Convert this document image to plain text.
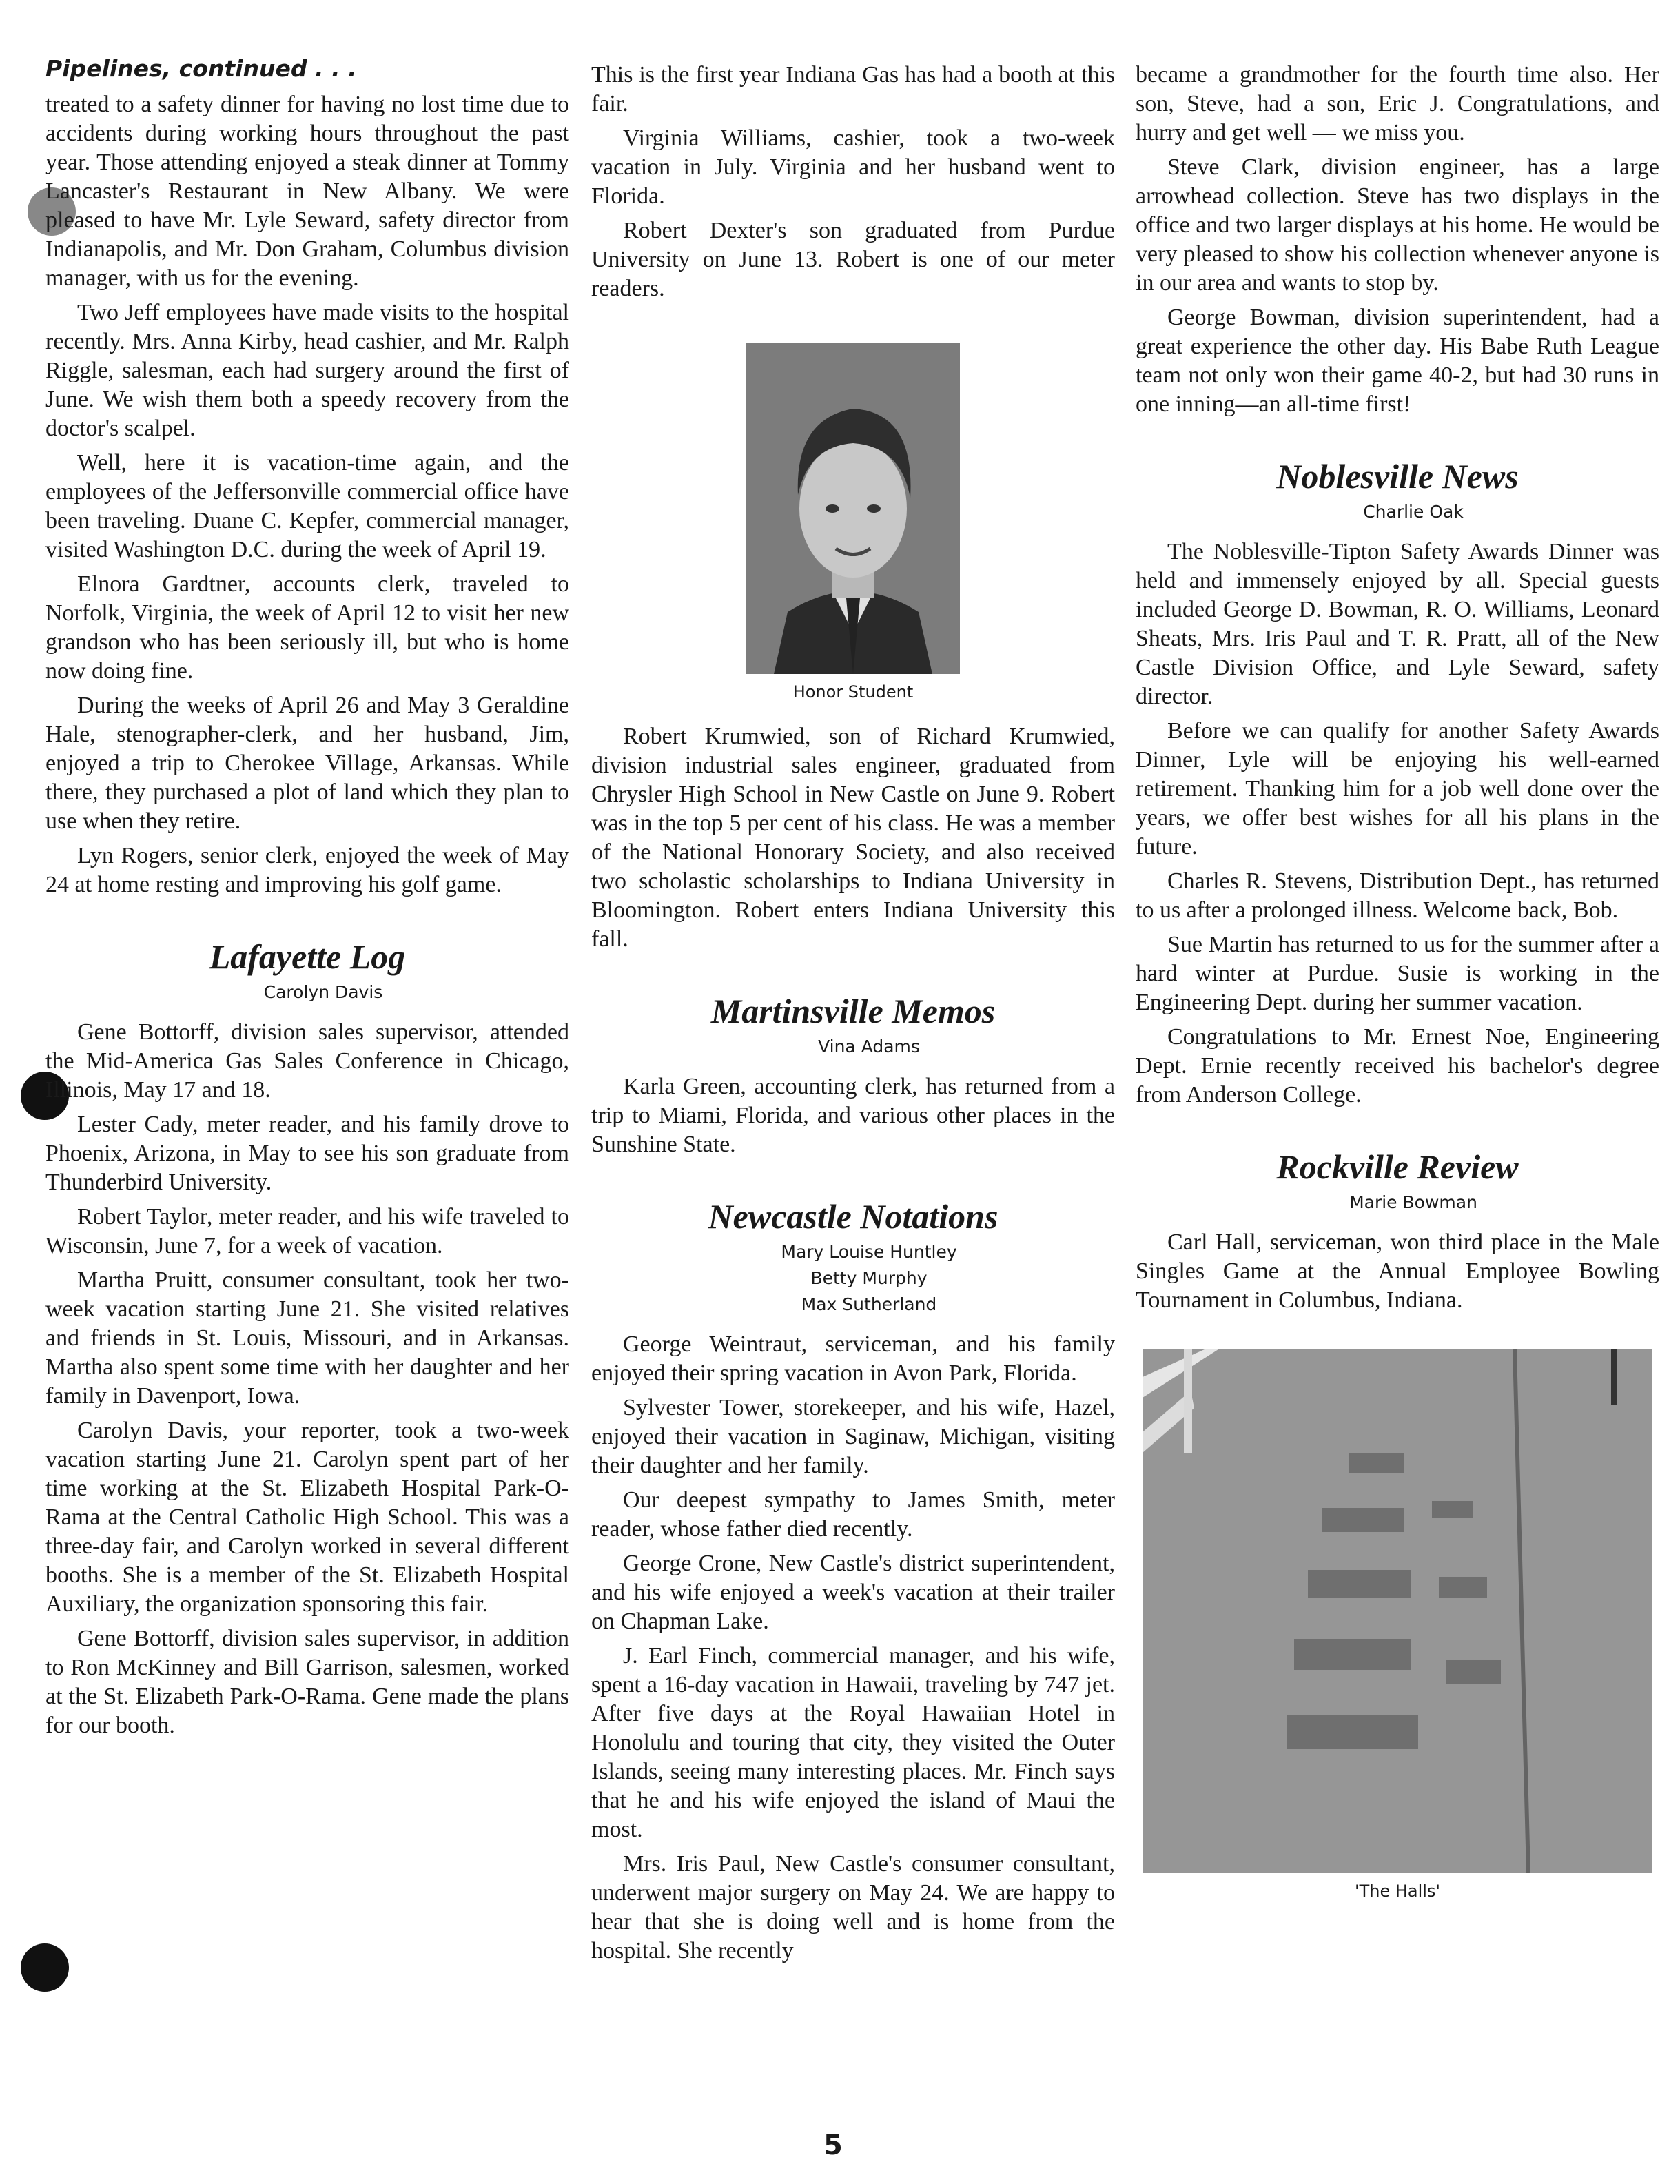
Pipelines, continued . . .

treated to a safety dinner for having no lost time due to accidents during working hours throughout the past year. Those attending enjoyed a steak dinner at Tommy Lancaster's Restaurant in New Albany. We were pleased to have Mr. Lyle Seward, safety director from Indianapolis, and Mr. Don Graham, Columbus division manager, with us for the evening.

Two Jeff employees have made visits to the hospital recently. Mrs. Anna Kirby, head cashier, and Mr. Ralph Riggle, salesman, each had surgery around the first of June. We wish them both a speedy recovery from the doctor's scalpel.

Well, here it is vacation-time again, and the employees of the Jeffersonville commercial office have been traveling. Duane C. Kepfer, commercial manager, visited Washington D.C. during the week of April 19.

Elnora Gardtner, accounts clerk, traveled to Norfolk, Virginia, the week of April 12 to visit her new grandson who has been seriously ill, but who is home now doing fine.

During the weeks of April 26 and May 3 Geraldine Hale, stenographer-clerk, and her husband, Jim, enjoyed a trip to Cherokee Village, Arkansas. While there, they purchased a plot of land which they plan to use when they retire.

Lyn Rogers, senior clerk, enjoyed the week of May 24 at home resting and improving his golf game.

Lafayette Log

Carolyn Davis

Gene Bottorff, division sales supervisor, attended the Mid-America Gas Sales Conference in Chicago, Illinois, May 17 and 18.

Lester Cady, meter reader, and his family drove to Phoenix, Arizona, in May to see his son graduate from Thunderbird University.

Robert Taylor, meter reader, and his wife traveled to Wisconsin, June 7, for a week of vacation.

Martha Pruitt, consumer consultant, took her two-week vacation starting June 21. She visited relatives and friends in St. Louis, Missouri, and in Arkansas. Martha also spent some time with her daughter and her family in Davenport, Iowa.

Carolyn Davis, your reporter, took a two-week vacation starting June 21. Carolyn spent part of her time working at the St. Elizabeth Hospital Park-O-Rama at the Central Catholic High School. This was a three-day fair, and Carolyn worked in several different booths. She is a member of the St. Elizabeth Hospital Auxiliary, the organization sponsoring this fair.

Gene Bottorff, division sales supervisor, in addition to Ron McKinney and Bill Garrison, salesmen, worked at the St. Elizabeth Park-O-Rama. Gene made the plans for our booth.

This is the first year Indiana Gas has had a booth at this fair.

Virginia Williams, cashier, took a two-week vacation in July. Virginia and her husband went to Florida.

Robert Dexter's son graduated from Purdue University on June 13. Robert is one of our meter readers.

Honor Student

Robert Krumwied, son of Richard Krumwied, division industrial sales engineer, graduated from Chrysler High School in New Castle on June 9. Robert was in the top 5 per cent of his class. He was a member of the National Honorary Society, and also received two scholastic scholarships to Indiana University in Bloomington. Robert enters Indiana University this fall.

Martinsville Memos

Vina Adams

Karla Green, accounting clerk, has returned from a trip to Miami, Florida, and various other places in the Sunshine State.

Newcastle Notations

Mary Louise Huntley

Betty Murphy

Max Sutherland

George Weintraut, serviceman, and his family enjoyed their spring vacation in Avon Park, Florida.

Sylvester Tower, storekeeper, and his wife, Hazel, enjoyed their vacation in Saginaw, Michigan, visiting their daughter and her family.

Our deepest sympathy to James Smith, meter reader, whose father died recently.

George Crone, New Castle's district superintendent, and his wife enjoyed a week's vacation at their trailer on Chapman Lake.

J. Earl Finch, commercial manager, and his wife, spent a 16-day vacation in Hawaii, traveling by 747 jet. After five days at the Royal Hawaiian Hotel in Honolulu and touring that city, they visited the Outer Islands, seeing many interesting places. Mr. Finch says that he and his wife enjoyed the island of Maui the most.

Mrs. Iris Paul, New Castle's consumer consultant, underwent major surgery on May 24. We are happy to hear that she is doing well and is home from the hospital. She recently

became a grandmother for the fourth time also. Her son, Steve, had a son, Eric J. Congratulations, and hurry and get well — we miss you.

Steve Clark, division engineer, has a large arrowhead collection. Steve has two displays in the office and two larger displays at his home. He would be very pleased to show his collection whenever anyone is in our area and wants to stop by.

George Bowman, division superintendent, had a great experience the other day. His Babe Ruth League team not only won their game 40-2, but had 30 runs in one inning—an all-time first!

Noblesville News

Charlie Oak

The Noblesville-Tipton Safety Awards Dinner was held and immensely enjoyed by all. Special guests included George D. Bowman, R. O. Williams, Leonard Sheats, Mrs. Iris Paul and T. R. Pratt, all of the New Castle Division Office, and Lyle Seward, safety director.

Before we can qualify for another Safety Awards Dinner, Lyle will be enjoying his well-earned retirement. Thanking him for a job well done over the years, we offer best wishes for all his plans in the future.

Charles R. Stevens, Distribution Dept., has returned to us after a prolonged illness. Welcome back, Bob.

Sue Martin has returned to us for the summer after a hard winter at Purdue. Susie is working in the Engineering Dept. during her summer vacation.

Congratulations to Mr. Ernest Noe, Engineering Dept. Ernie recently received his bachelor's degree from Anderson College.

Rockville Review

Marie Bowman

Carl Hall, serviceman, won third place in the Male Singles Game at the Annual Employee Bowling Tournament in Columbus, Indiana.

'The Halls'
5
